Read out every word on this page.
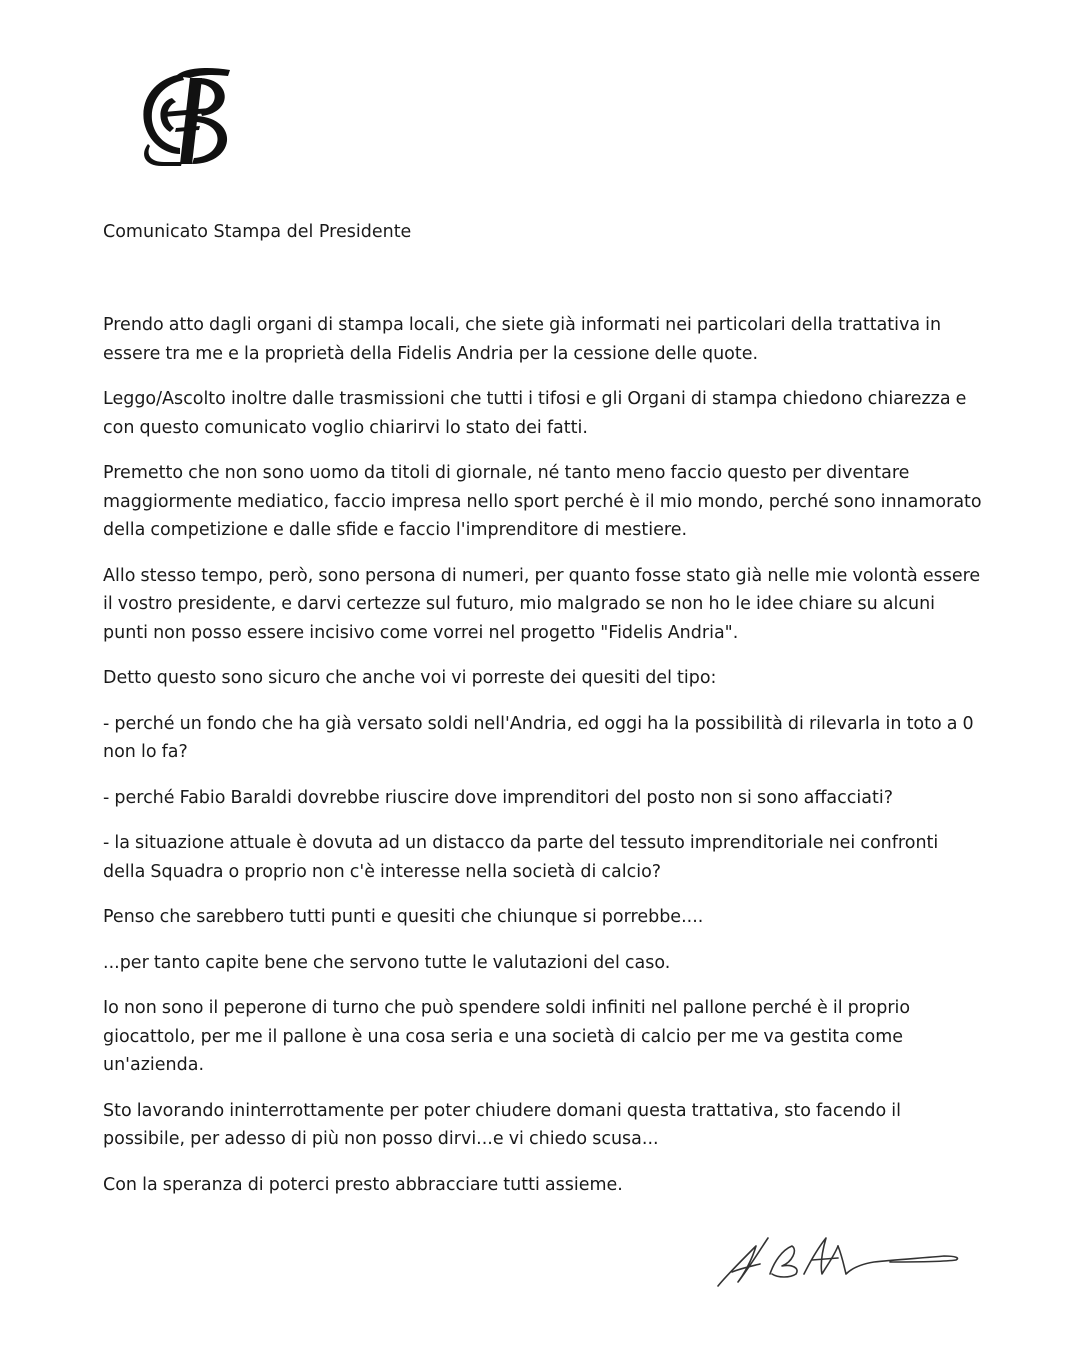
Comunicato Stampa del Presidente

Prendo atto dagli organi di stampa locali, che siete già informati nei particolari della trattativa in essere tra me e la proprietà della Fidelis Andria per la cessione delle quote.

Leggo/Ascolto inoltre dalle trasmissioni che tutti i tifosi e gli Organi di stampa chiedono chiarezza e con questo comunicato voglio chiarirvi lo stato dei fatti.

Premetto che non sono uomo da titoli di giornale, né tanto meno faccio questo per diventare maggiormente mediatico, faccio impresa nello sport perché è il mio mondo, perché sono innamorato della competizione e dalle sfide e faccio l'imprenditore di mestiere.

Allo stesso tempo, però, sono persona di numeri, per quanto fosse stato già nelle mie volontà essere il vostro presidente, e darvi certezze sul futuro, mio malgrado se non ho le idee chiare su alcuni punti non posso essere incisivo come vorrei nel progetto "Fidelis Andria".

Detto questo sono sicuro che anche voi vi porreste dei quesiti del tipo:

- perché un fondo che ha già versato soldi nell'Andria, ed oggi ha la possibilità di rilevarla in toto a 0 non lo fa?

- perché Fabio Baraldi dovrebbe riuscire dove imprenditori del posto non si sono affacciati?

- la situazione attuale è dovuta ad un distacco da parte del tessuto imprenditoriale nei confronti della Squadra o proprio non c'è interesse nella società di calcio?

Penso che sarebbero tutti punti e quesiti che chiunque si porrebbe....

...per tanto capite bene che servono tutte le valutazioni del caso.

Io non sono il peperone di turno che può spendere soldi infiniti nel pallone perché è il proprio giocattolo, per me il pallone è una cosa seria e una società di calcio per me va gestita come un'azienda.

Sto lavorando ininterrottamente per poter chiudere domani questa trattativa, sto facendo il possibile, per adesso di più non posso dirvi...e vi chiedo scusa...

Con la speranza di poterci presto abbracciare tutti assieme.
